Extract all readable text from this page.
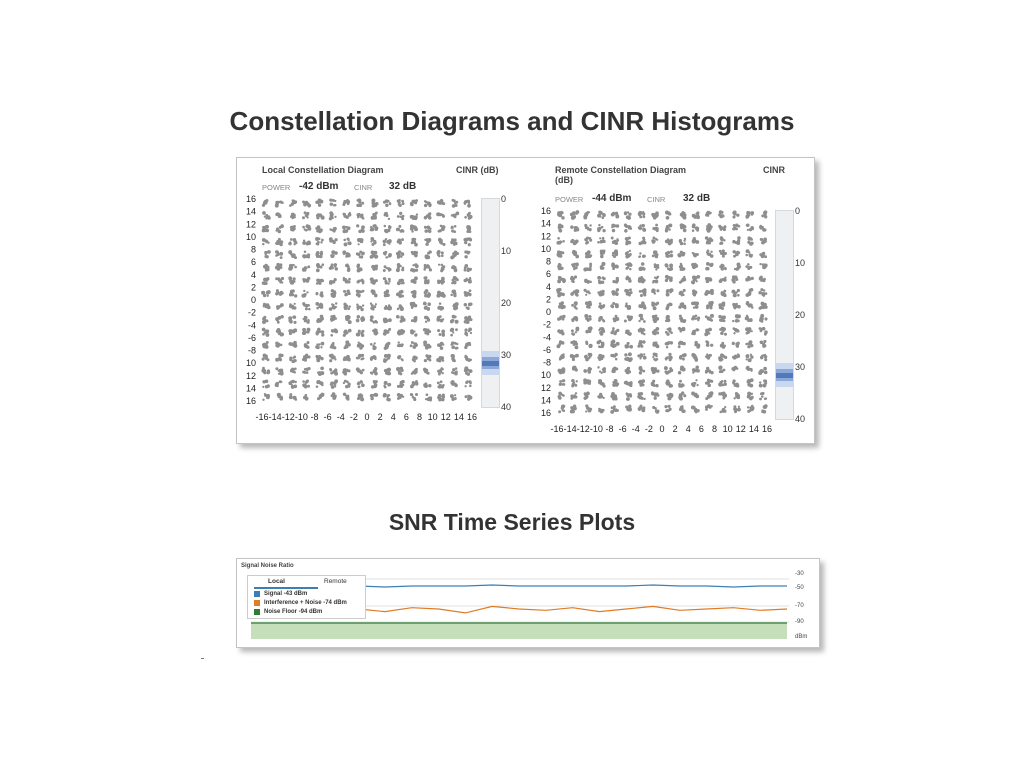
Constellation Diagrams and CINR Histograms
Local Constellation Diagram	CINR (dB)
POWER -42 dBm CINR 32 dB
16
14
12
10
8
6
4
2
0
-2
-4
-6
-8
10
12
14
16
-16 -14 -12 -10 -8 -6 -4 -2 0 2 4 6 8 10 12 14 16
16
14
12
10
8
6
4
2
0
-2
-4
-6
-8
10
12
14
16
-16 -14 -12 -10 -8 -6 -4 -2 0 2 4 6 8 10 12 14 16
0
10
20
30
40
Remote Constellation Diagram
(dB)
CINR
POWER -44 dBm CINR 32 dB
0
10
20
30
40
SNR Time Series Plots
Signal Noise Ratio
-30
-50
-70
-90
dBm
Local	Remote
Signal -43 dBm
Interference + Noise -74 dBm
Noise Floor -94 dBm
